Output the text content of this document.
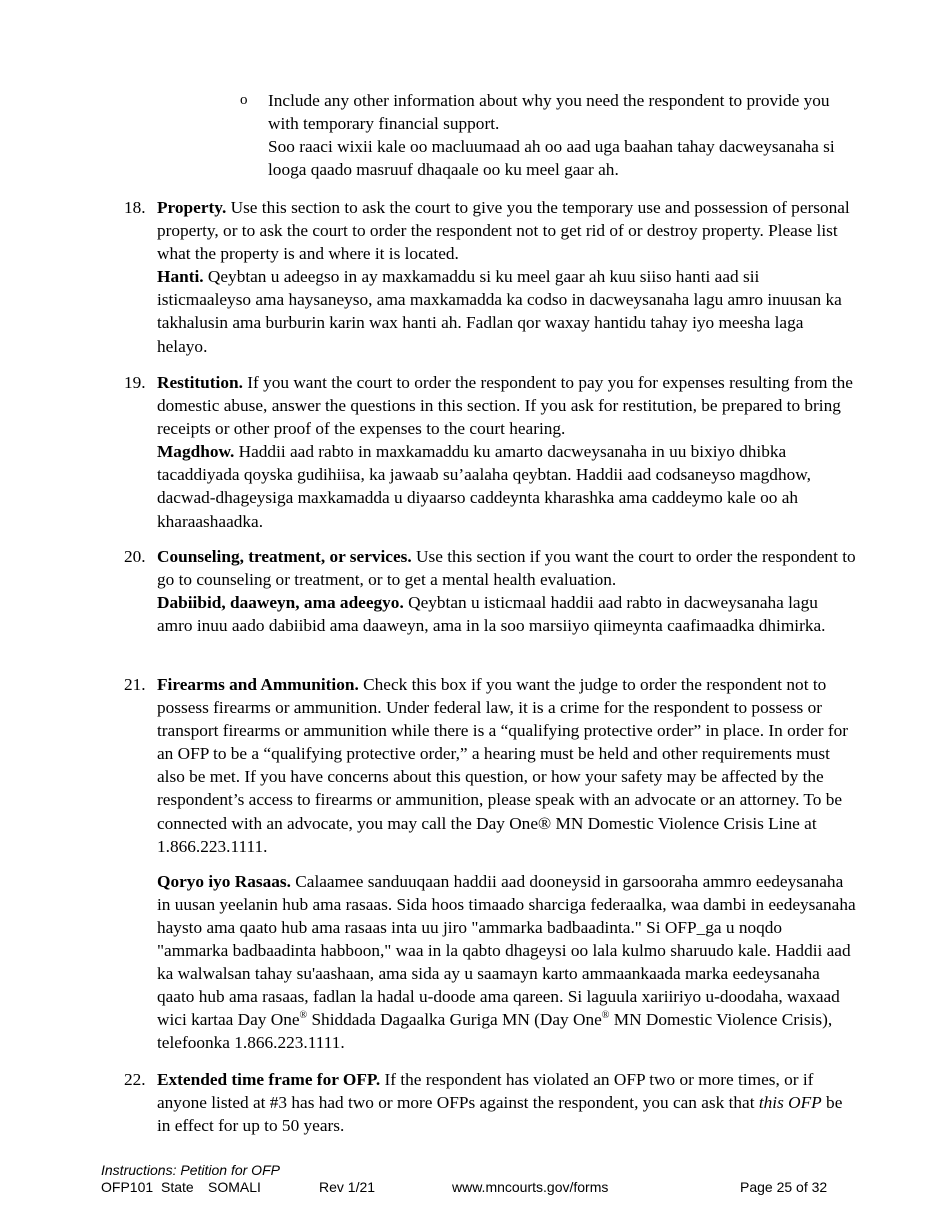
o Include any other information about why you need the respondent to provide you with temporary financial support.

Soo raaci wixii kale oo macluumaad ah oo aad uga baahan tahay dacweysanaha si looga qaado masruuf dhaqaale oo ku meel gaar ah.

18. Property. Use this section to ask the court to give you the temporary use and possession of personal property, or to ask the court to order the respondent not to get rid of or destroy property. Please list what the property is and where it is located.

Hanti. Qeybtan u adeegso in ay maxkamaddu si ku meel gaar ah kuu siiso hanti aad sii isticmaaleyso ama haysaneyso, ama maxkamadda ka codso in dacweysanaha lagu amro inuusan ka takhalusin ama burburin karin wax hanti ah. Fadlan qor waxay hantidu tahay iyo meesha laga helayo.

19. Restitution. If you want the court to order the respondent to pay you for expenses resulting from the domestic abuse, answer the questions in this section. If you ask for restitution, be prepared to bring receipts or other proof of the expenses to the court hearing.

Magdhow. Haddii aad rabto in maxkamaddu ku amarto dacweysanaha in uu bixiyo dhibka tacaddiyada qoyska gudihiisa, ka jawaab su’aalaha qeybtan. Haddii aad codsaneyso magdhow, dacwad-dhageysiga maxkamadda u diyaarso caddeynta kharashka ama caddeymo kale oo ah kharaashaadka.

20. Counseling, treatment, or services. Use this section if you want the court to order the respondent to go to counseling or treatment, or to get a mental health evaluation.

Dabiibid, daaweyn, ama adeegyo. Qeybtan u isticmaal haddii aad rabto in dacweysanaha lagu amro inuu aado dabiibid ama daaweyn, ama in la soo marsiiyo qiimeynta caafimaadka dhimirka.

21. Firearms and Ammunition. Check this box if you want the judge to order the respondent not to possess firearms or ammunition. Under federal law, it is a crime for the respondent to possess or transport firearms or ammunition while there is a “qualifying protective order” in place. In order for an OFP to be a “qualifying protective order,” a hearing must be held and other requirements must also be met. If you have concerns about this question, or how your safety may be affected by the respondent’s access to firearms or ammunition, please speak with an advocate or an attorney. To be connected with an advocate, you may call the Day One® MN Domestic Violence Crisis Line at 1.866.223.1111.

Qoryo iyo Rasaas. Calaamee sanduuqaan haddii aad dooneysid in garsooraha ammro eedeysanaha in uusan yeelanin hub ama rasaas. Sida hoos timaado sharciga federaalka, waa dambi in eedeysanaha haysto ama qaato hub ama rasaas inta uu jiro "ammarka badbaadinta." Si OFP_ga u noqdo "ammarka badbaadinta habboon," waa in la qabto dhageysi oo lala kulmo sharuudo kale. Haddii aad ka walwalsan tahay su'aashaan, ama sida ay u saamayn karto ammaankaada marka eedeysanaha qaato hub ama rasaas, fadlan la hadal u-doode ama qareen. Si laguula xariiriyo u-doodaha, waxaad wici kartaa Day One® Shiddada Dagaalka Guriga MN (Day One® MN Domestic Violence Crisis), telefoonka 1.866.223.1111.

22. Extended time frame for OFP. If the respondent has violated an OFP two or more times, or if anyone listed at #3 has had two or more OFPs against the respondent, you can ask that this OFP be in effect for up to 50 years.

Instructions: Petition for OFP
OFP101 State SOMALI	Rev 1/21	www.mncourts.gov/forms	Page 25 of 32
